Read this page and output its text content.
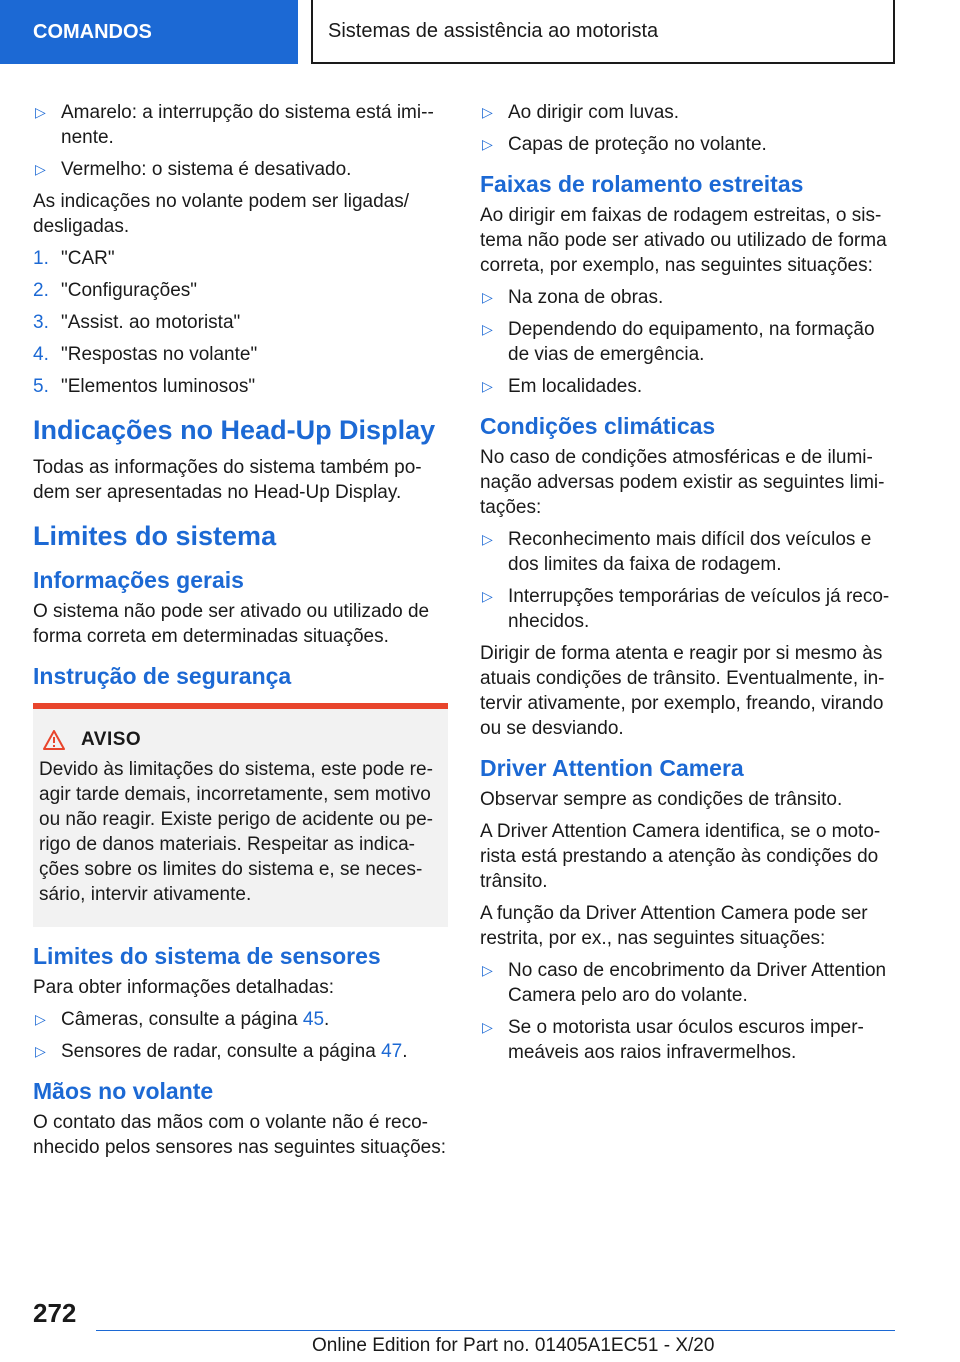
COMANDOS	Sistemas de assistência ao motorista
▷ Amarelo: a interrupção do sistema está imi-nente.
▷ Vermelho: o sistema é desativado.

As indicações no volante podem ser ligadas/ desligadas.

1. "CAR"
2. "Configurações"
3. "Assist. ao motorista"
4. "Respostas no volante"
5. "Elementos luminosos"
Indicações no Head-Up Display

Todas as informações do sistema também po-dem ser apresentadas no Head-Up Display.

Limites do sistema
Informações gerais

O sistema não pode ser ativado ou utilizado de forma correta em determinadas situações.

Instrução de segurança
AVISO

Devido às limitações do sistema, este pode re-agir tarde demais, incorretamente, sem motivo ou não reagir. Existe perigo de acidente ou pe-rigo de danos materiais. Respeitar as indica-ções sobre os limites do sistema e, se neces-sário, intervir ativamente.

Limites do sistema de sensores

Para obter informações detalhadas:

▷ Câmeras, consulte a página 45.
▷ Sensores de radar, consulte a página 47.
Mãos no volante

O contato das mãos com o volante não é reco-nhecido pelos sensores nas seguintes situações:

▷ Ao dirigir com luvas.
▷ Capas de proteção no volante.
Faixas de rolamento estreitas

Ao dirigir em faixas de rodagem estreitas, o sis-tema não pode ser ativado ou utilizado de forma correta, por exemplo, nas seguintes situações:

▷ Na zona de obras.
▷ Dependendo do equipamento, na formação de vias de emergência.
▷ Em localidades.
Condições climáticas

No caso de condições atmosféricas e de ilumi-nação adversas podem existir as seguintes limi-tações:

▷ Reconhecimento mais difícil dos veículos e dos limites da faixa de rodagem.
▷ Interrupções temporárias de veículos já reco-nhecidos.

Dirigir de forma atenta e reagir por si mesmo às atuais condições de trânsito. Eventualmente, in-tervir ativamente, por exemplo, freando, virando ou se desviando.

Driver Attention Camera

Observar sempre as condições de trânsito.

A Driver Attention Camera identifica, se o moto-rista está prestando a atenção às condições do trânsito.

A função da Driver Attention Camera pode ser restrita, por ex., nas seguintes situações:

▷ No caso de encobrimento da Driver Attention Camera pelo aro do volante.
▷ Se o motorista usar óculos escuros imper-meáveis aos raios infravermelhos.
272
Online Edition for Part no. 01405A1EC51 - X/20
